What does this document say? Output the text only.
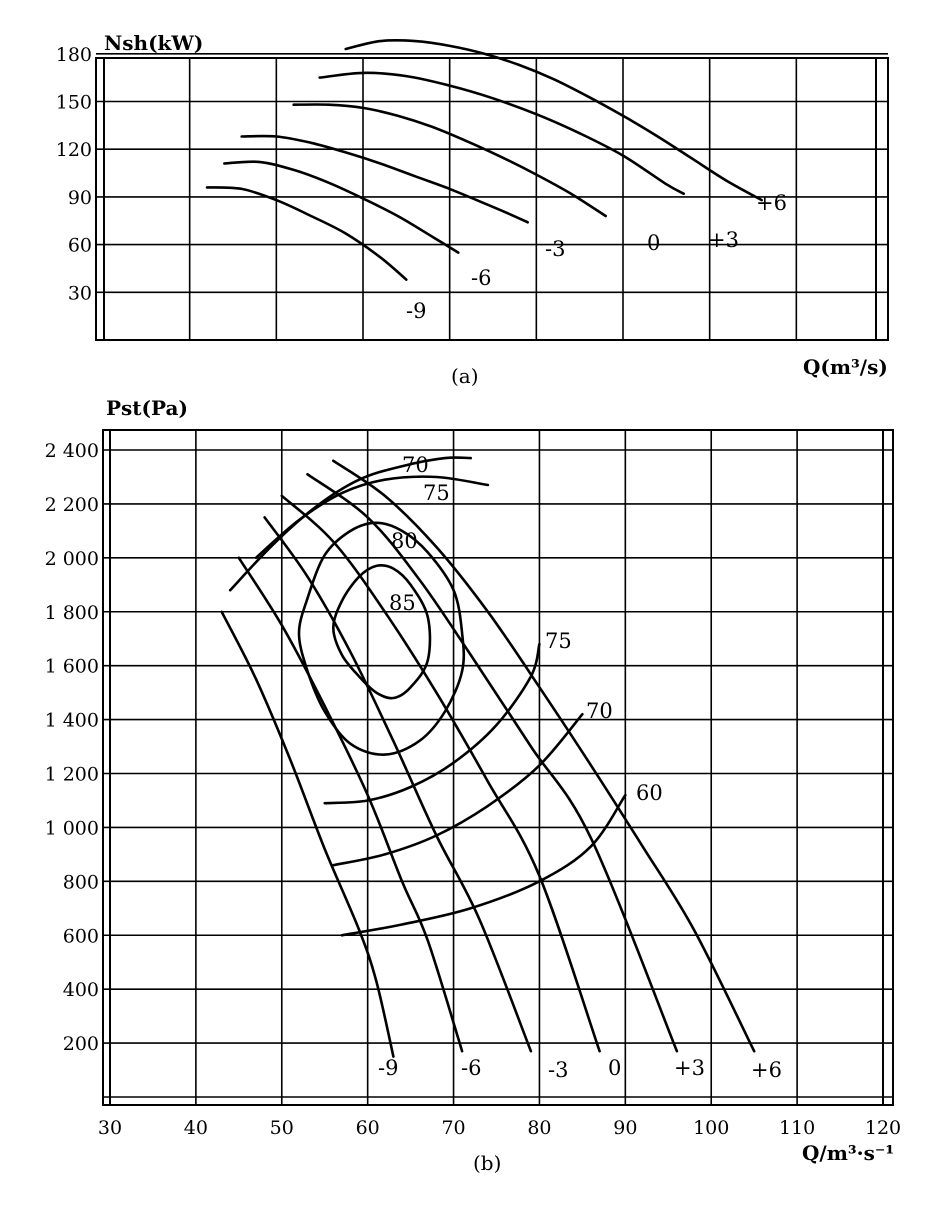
Nsh(kW)
Q(m³/s)
(a)
30
60
90
120
150
180
-9
-6
-3	0 +3
+6
Pst(Pa)
Q/m³·s⁻¹
(b)
30	40	50	60	70	80	90	100	110	120
200
400
600
800
1 000
1 200
1 400
1 600
1 800
2 000
2 200
2 400
-9	-6	-3 0	+3 +6
85
80
75
70
60
75
70
